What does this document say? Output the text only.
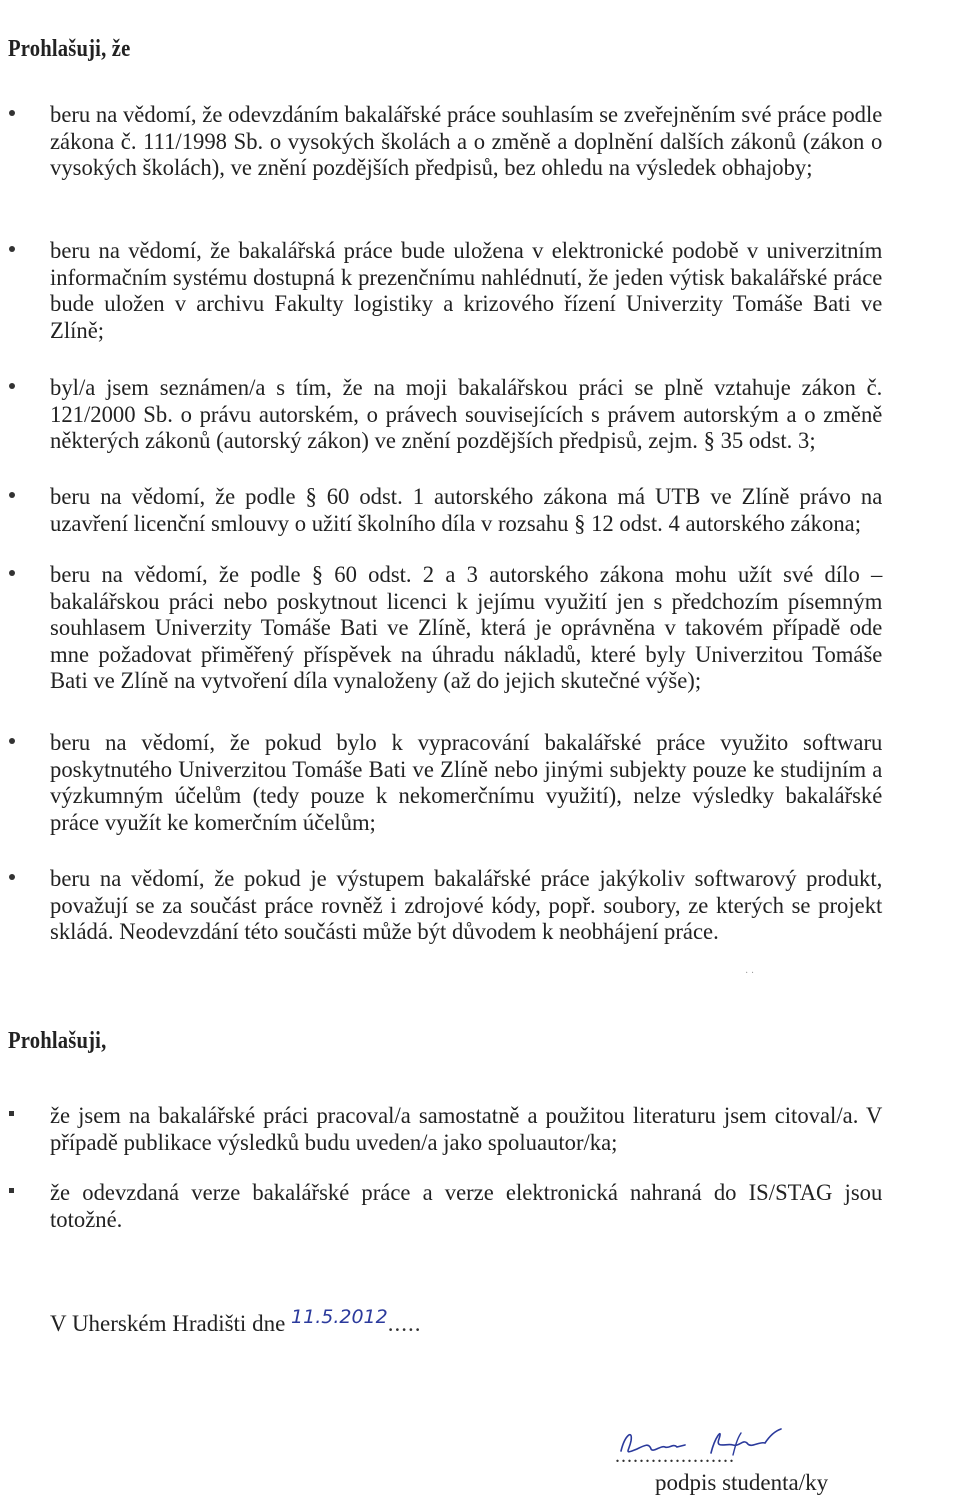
Prohlašuji, že

beru na vědomí, že odevzdáním bakalářské práce souhlasím se zveřejněním své práce podle zákona č. 111/1998 Sb. o vysokých školách a o změně a doplnění dalších zákonů (zákon o vysokých školách), ve znění pozdějších předpisů, bez ohledu na výsledek obhajoby;

beru na vědomí, že bakalářská práce bude uložena v elektronické podobě v univerzitním informačním systému dostupná k prezenčnímu nahlédnutí, že jeden výtisk bakalářské práce bude uložen v archivu Fakulty logistiky a krizového řízení Univerzity Tomáše Bati ve Zlíně;

byl/a jsem seznámen/a s tím, že na moji bakalářskou práci se plně vztahuje zákon č. 121/2000 Sb. o právu autorském, o právech souvisejících s právem autorským a o změně některých zákonů (autorský zákon) ve znění pozdějších předpisů, zejm. § 35 odst. 3;

beru na vědomí, že podle § 60 odst. 1 autorského zákona má UTB ve Zlíně právo na uzavření licenční smlouvy o užití školního díla v rozsahu § 12 odst. 4 autorského zákona;

beru na vědomí, že podle § 60 odst. 2 a 3 autorského zákona mohu užít své dílo – bakalářskou práci nebo poskytnout licenci k jejímu využití jen s předchozím písemným souhlasem Univerzity Tomáše Bati ve Zlíně, která je oprávněna v takovém případě ode mne požadovat přiměřený příspěvek na úhradu nákladů, které byly Univerzitou Tomáše Bati ve Zlíně na vytvoření díla vynaloženy (až do jejich skutečné výše);

beru na vědomí, že pokud bylo k vypracování bakalářské práce využito softwaru poskytnutého Univerzitou Tomáše Bati ve Zlíně nebo jinými subjekty pouze ke studijním a výzkumným účelům (tedy pouze k nekomerčnímu využití), nelze výsledky bakalářské práce využít ke komerčním účelům;

beru na vědomí, že pokud je výstupem bakalářské práce jakýkoliv softwarový produkt, považují se za součást práce rovněž i zdrojové kódy, popř. soubory, ze kterých se projekt skládá. Neodevzdání této součásti může být důvodem k neobhájení práce.

· ·
Prohlašuji,

že jsem na bakalářské práci pracoval/a samostatně a použitou literaturu jsem citoval/a. V případě publikace výsledků budu uveden/a jako spoluautor/ka;

že odevzdaná verze bakalářské práce a verze elektronická nahraná do IS/STAG jsou totožné.

V Uherském Hradišti dne $^{11.5.2012}$.....
....................
podpis studenta/ky
